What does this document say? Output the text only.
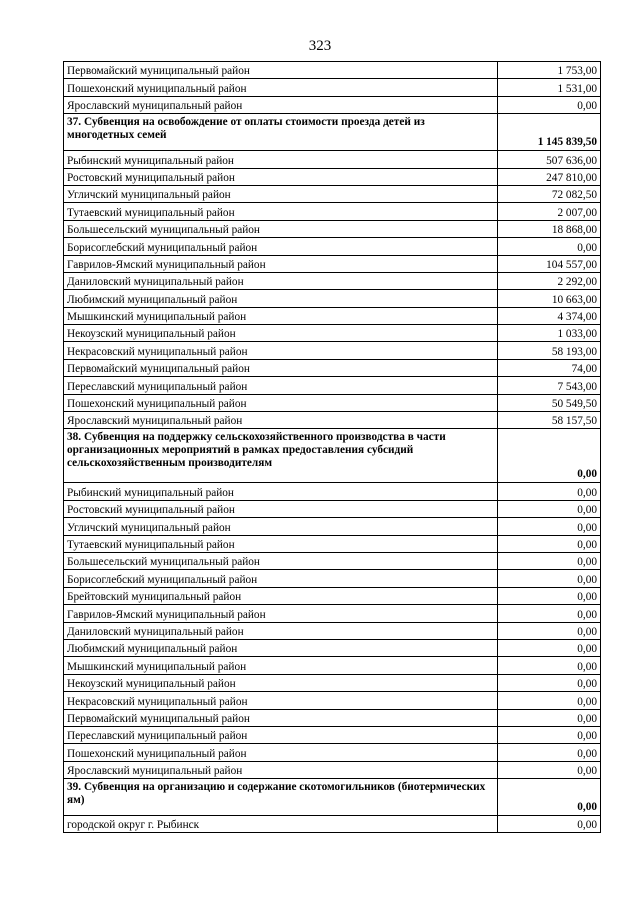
323
Первомайский муниципальный район	1 753,00
Пошехонский муниципальный район	1 531,00
Ярославский муниципальный район	0,00
37. Субвенция на освобождение от оплаты стоимости проезда детей из многодетных семей	1 145 839,50
Рыбинский муниципальный район	507 636,00
Ростовский муниципальный район	247 810,00
Угличский муниципальный район	72 082,50
Тутаевский муниципальный район	2 007,00
Большесельский муниципальный район	18 868,00
Борисоглебский муниципальный район	0,00
Гаврилов-Ямский муниципальный район	104 557,00
Даниловский муниципальный район	2 292,00
Любимский муниципальный район	10 663,00
Мышкинский муниципальный район	4 374,00
Некоузский муниципальный район	1 033,00
Некрасовский муниципальный район	58 193,00
Первомайский муниципальный район	74,00
Переславский муниципальный район	7 543,00
Пошехонский муниципальный район	50 549,50
Ярославский муниципальный район	58 157,50
38. Субвенция на поддержку сельскохозяйственного производства в части организационных мероприятий в рамках предоставления субсидий сельскохозяйственным производителям	0,00
Рыбинский муниципальный район	0,00
Ростовский муниципальный район	0,00
Угличский муниципальный район	0,00
Тутаевский муниципальный район	0,00
Большесельский муниципальный район	0,00
Борисоглебский муниципальный район	0,00
Брейтовский муниципальный район	0,00
Гаврилов-Ямский муниципальный район	0,00
Даниловский муниципальный район	0,00
Любимский муниципальный район	0,00
Мышкинский муниципальный район	0,00
Некоузский муниципальный район	0,00
Некрасовский муниципальный район	0,00
Первомайский муниципальный район	0,00
Переславский муниципальный район	0,00
Пошехонский муниципальный район	0,00
Ярославский муниципальный район	0,00
39. Субвенция на организацию и содержание скотомогильников (биотермических ям)	0,00
городской округ г. Рыбинск	0,00
